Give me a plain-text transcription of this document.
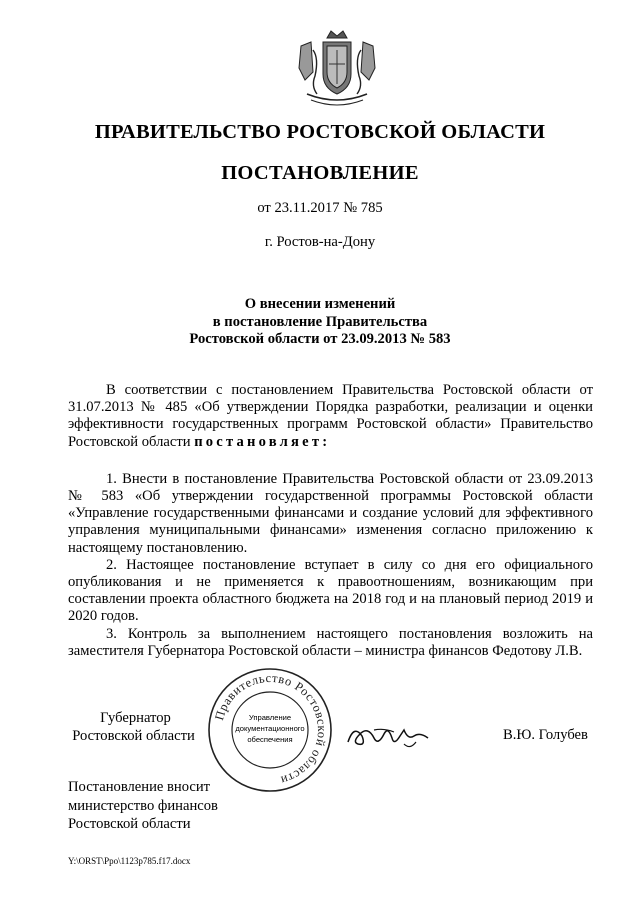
ПРАВИТЕЛЬСТВО РОСТОВСКОЙ ОБЛАСТИ
ПОСТАНОВЛЕНИЕ
от 23.11.2017 № 785
г. Ростов-на-Дону
О внесении изменений
в постановление Правительства
Ростовской области от 23.09.2013 № 583

В соответствии с постановлением Правительства Ростовской области от 31.07.2013 № 485 «Об утверждении Порядка разработки, реализации и оценки эффективности государственных программ Ростовской области» Правительство Ростовской области постановляет:

1. Внести в постановление Правительства Ростовской области от 23.09.2013 № 583 «Об утверждении государственной программы Ростовской области «Управление государственными финансами и создание условий для эффективного управления муниципальными финансами» изменения согласно приложению к настоящему постановлению.

2. Настоящее постановление вступает в силу со дня его официального опубликования и не применяется к правоотношениям, возникающим при составлении проекта областного бюджета на 2018 год и на плановый период 2019 и 2020 годов.

3. Контроль за выполнением настоящего постановления возложить на заместителя Губернатора Ростовской области – министра финансов Федотову Л.В.

Губернатор
Ростовской области
Правительство Ростовской области
Управление
документационного
обеспечения	В.Ю. Голубев
Постановление вносит
министерство финансов
Ростовской области
Y:\ORST\Ppo\1123p785.f17.docx
